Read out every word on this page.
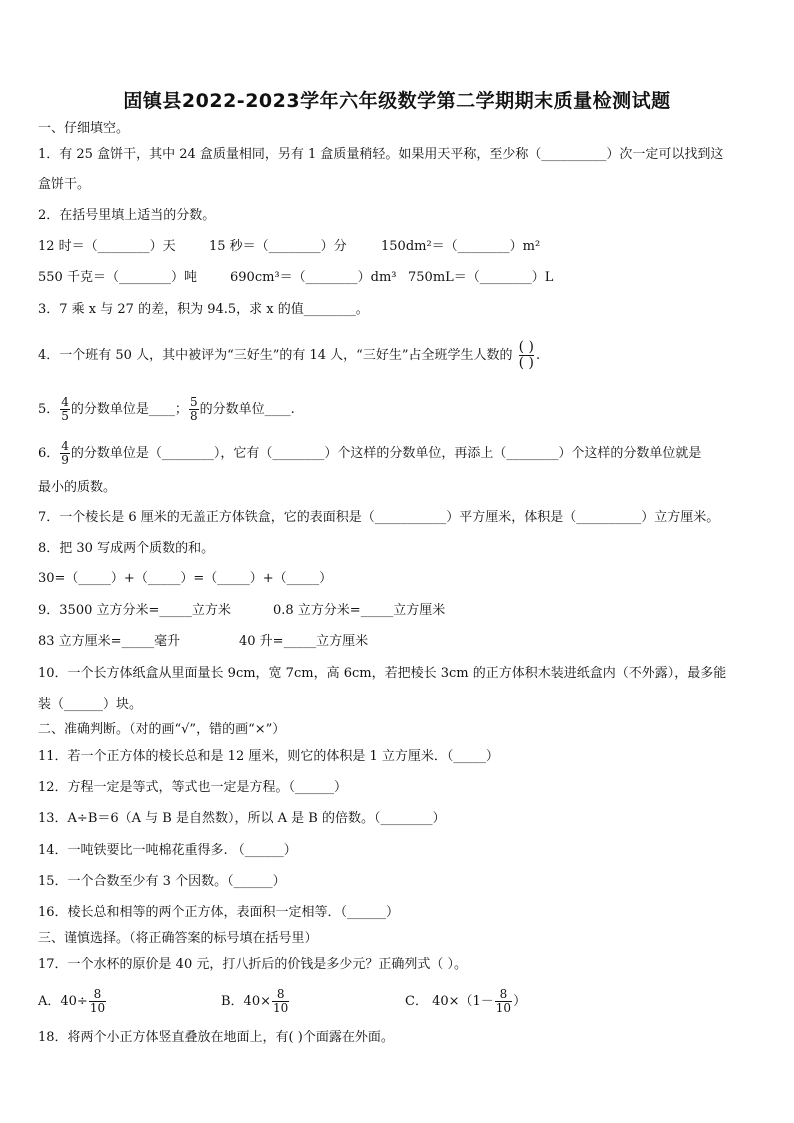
固镇县2022-2023学年六年级数学第二学期期末质量检测试题
一、仔细填空。
1．有 25 盒饼干，其中 24 盒质量相同，另有 1 盒质量稍轻。如果用天平称，至少称（__________）次一定可以找到这
盒饼干。
2．在括号里填上适当的分数。
12 时＝（________）天	15 秒＝（________）分	150dm²＝（________）m²
550 千克＝（________）吨	690cm³＝（________）dm³ 750mL＝（________）L
3．7 乘 x 与 27 的差，积为 94.5，求 x 的值________。
4．一个班有 50 人，其中被评为“三好生”的有 14 人，“三好生”占全班学生人数的 $\frac{( )}{( )}$ .
5． $\frac{4}{5}$ 的分数单位是____； $\frac{5}{8}$ 的分数单位____.
6． $\frac{4}{9}$ 的分数单位是（________），它有（________）个这样的分数单位，再添上（________）个这样的分数单位就是
最小的质数。
7．一个棱长是 6 厘米的无盖正方体铁盒，它的表面积是（___________）平方厘米，体积是（__________）立方厘米。
8．把 30 写成两个质数的和。
30=（_____）+（_____）=（_____）+（_____）
9．3500 立方分米=_____立方米	0.8 立方分米=_____立方厘米
83 立方厘米=_____毫升	40 升=_____立方厘米
10．一个长方体纸盒从里面量长 9cm，宽 7cm，高 6cm，若把棱长 3cm 的正方体积木装进纸盒内（不外露），最多能
装（______）块。
二、准确判断。（对的画“√”，错的画“×”）
11．若一个正方体的棱长总和是 12 厘米，则它的体积是 1 立方厘米．（_____）
12．方程一定是等式，等式也一定是方程。（______）
13．A÷B＝6（A 与 B 是自然数），所以 A 是 B 的倍数。（________）
14．一吨铁要比一吨棉花重得多. （______）
15．一个合数至少有 3 个因数。（______）
16．棱长总和相等的两个正方体，表面积一定相等．（______）
三、谨慎选择。（将正确答案的标号填在括号里）
17．一个水杯的原价是 40 元，打八折后的价钱是多少元？正确列式（ ）。
A．$40\div \frac{8}{10}$	B．$40\times \frac{8}{10}$	C． $40\times(1- \frac{8}{10}$ ）
18．将两个小正方体竖直叠放在地面上，有( )个面露在外面。
